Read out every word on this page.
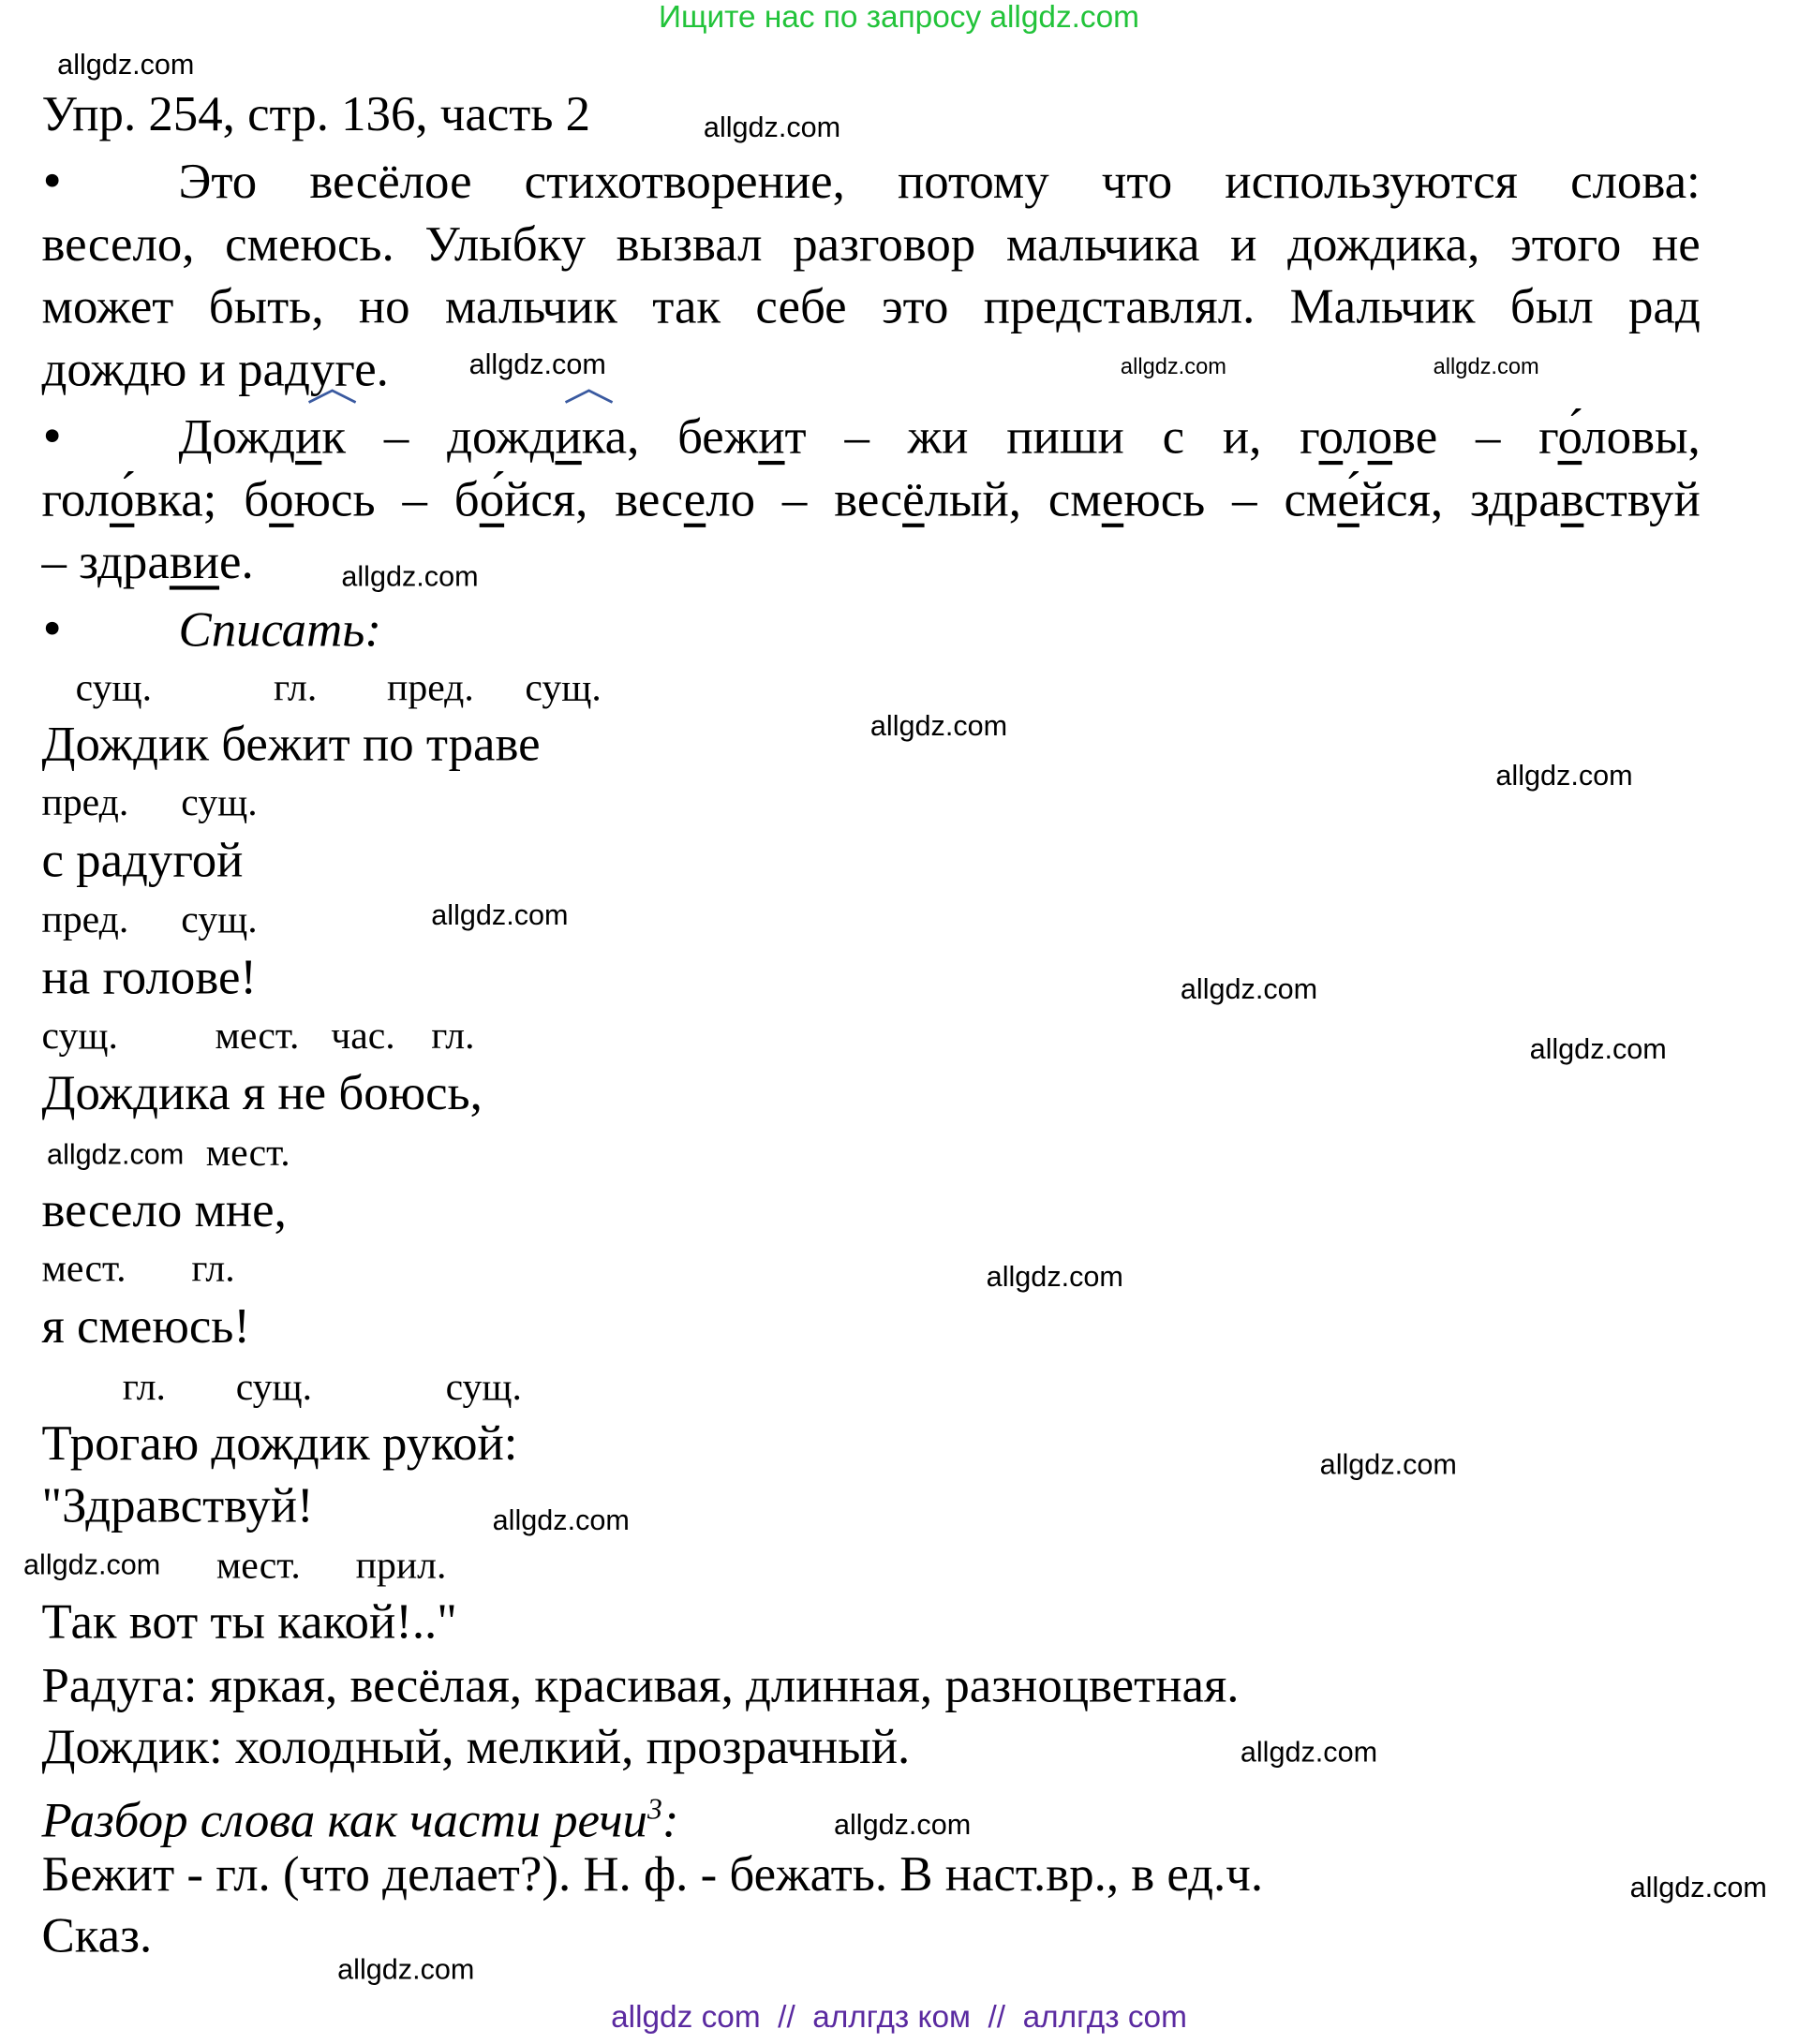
Ищите нас по запросу allgdz.com
allgdz.com
Упр. 254, стр. 136, часть 2	allgdz.com
•	Это весёлое стихотворение, потому что используются слова:
весело, смеюсь. Улыбку вызвал разговор мальчика и дождика, этого не
может быть, но мальчик так себе это представлял. Мальчик был рад
дождю и радуге.	allgdz.com
allgdz.com
allgdz.com
•	Дождик – дождика, бежит – жи пиши с и, голове – го́ловы,
голо́вка; боюсь – бо́йся, весело – весёлый, смеюсь – сме́йся, здравствуй
– здравие.	allgdz.com
•	Списать:
сущ.	гл. пред. сущ.
Дождик бежит по траве	allgdz.com
allgdz.com
пред. сущ.
с радугой
пред. сущ.	allgdz.com
на голове!	allgdz.com
сущ.	мест. час. гл.	allgdz.com
Дождика я не боюсь,
allgdz.com мест.
весело мне,
мест. гл.	allgdz.com
я смеюсь!
гл. сущ.	сущ.
Трогаю дождик рукой:	allgdz.com
"Здравствуй!	allgdz.com
allgdz.com мест. прил.
Так вот ты какой!.."
Радуга: яркая, весёлая, красивая, длинная, разноцветная.
Дождик: холодный, мелкий, прозрачный.	allgdz.com
Разбор слова как части речи$^3$:	allgdz.com
Бежит - гл. (что делает?). Н. ф. - бежать. В наст.вр., в ед.ч.	allgdz.com
Сказ.
allgdz.com
allgdz com  //  аллгдз ком  //  аллгдз com
